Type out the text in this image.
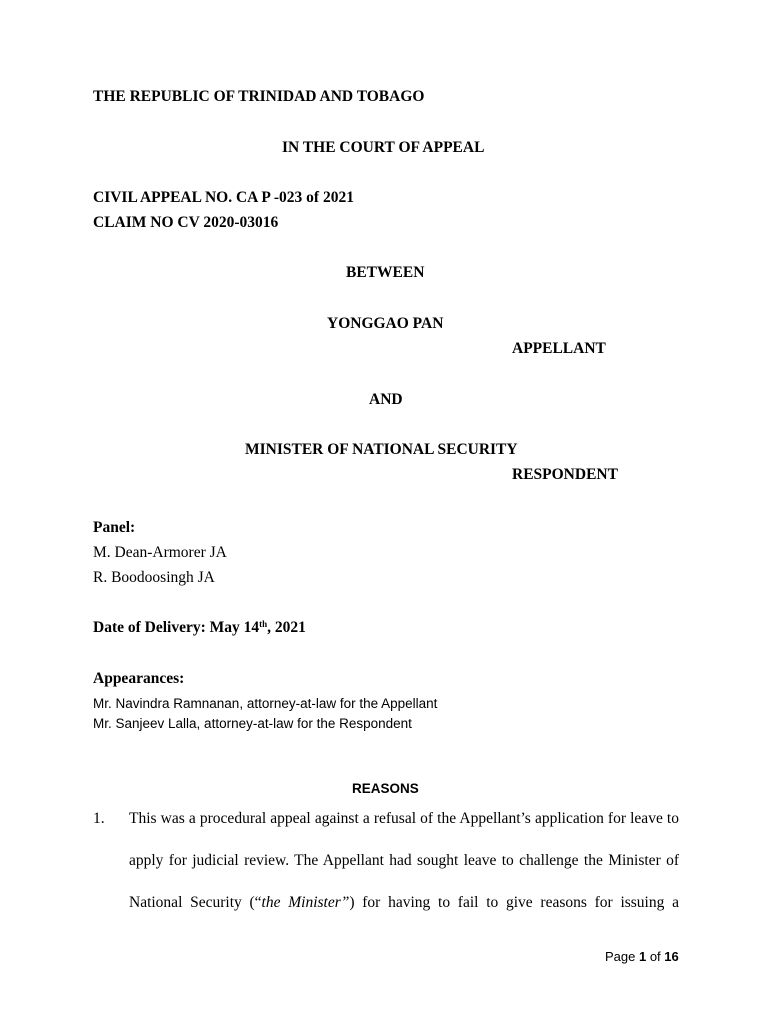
THE REPUBLIC OF TRINIDAD AND TOBAGO
IN THE COURT OF APPEAL
CIVIL APPEAL NO. CA P -023 of 2021
CLAIM NO CV 2020-03016
BETWEEN
YONGGAO PAN
APPELLANT
AND
MINISTER OF NATIONAL SECURITY
RESPONDENT
Panel:
M. Dean-Armorer JA
R. Boodoosingh JA
Date of Delivery: May 14th, 2021
Appearances:
Mr. Navindra Ramnanan, attorney-at-law for the Appellant
Mr. Sanjeev Lalla, attorney-at-law for the Respondent
REASONS
1. This was a procedural appeal against a refusal of the Appellant’s application for leave to
apply for judicial review. The Appellant had sought leave to challenge the Minister of
National Security (“the Minister”) for having to fail to give reasons for issuing a
Page 1 of 16
